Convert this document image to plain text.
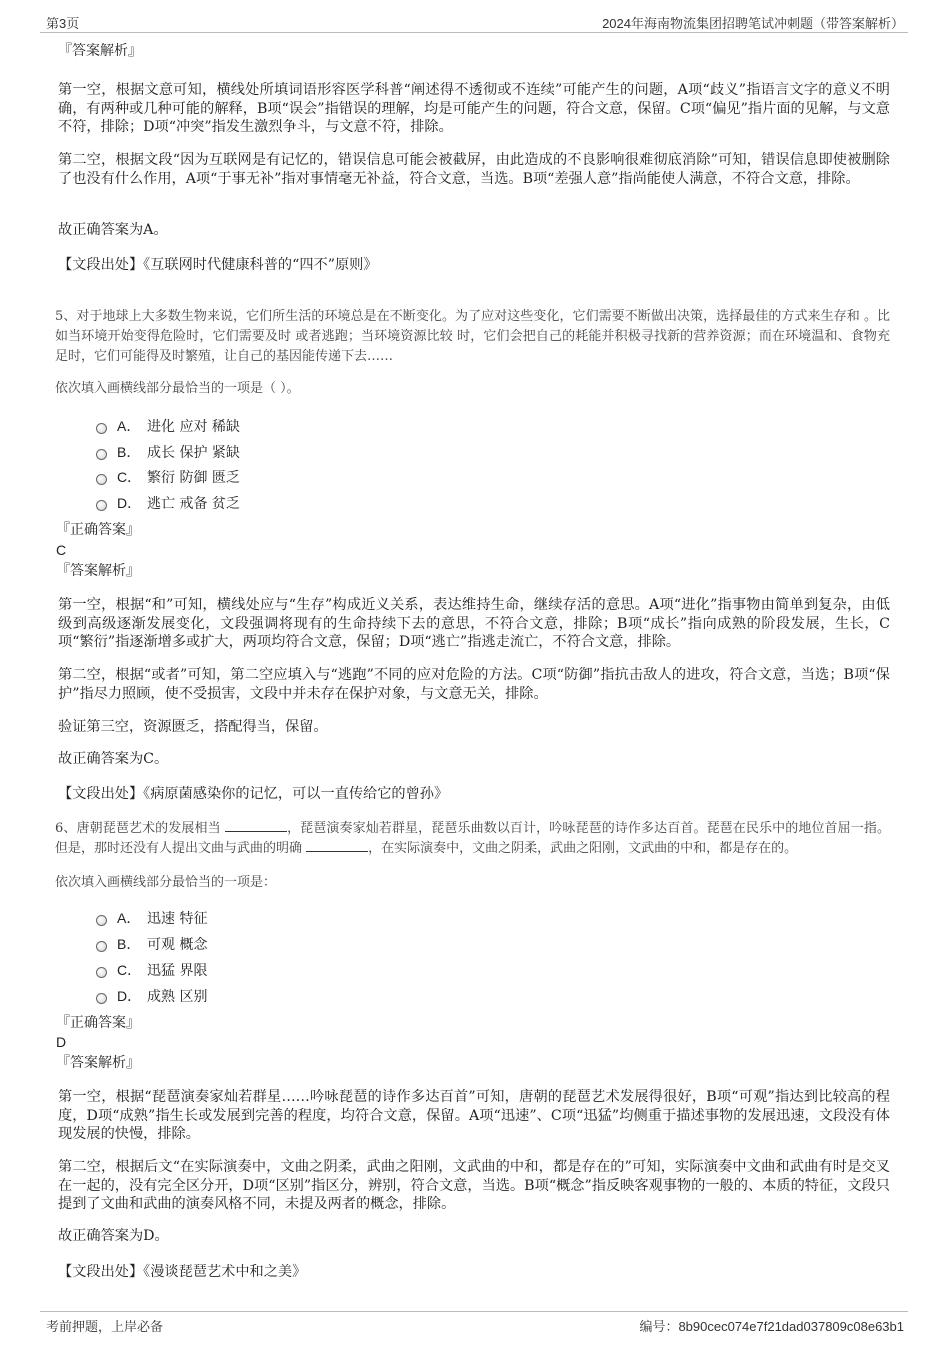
第3页	2024年海南物流集团招聘笔试冲刺题（带答案解析）
『答案解析』
第一空，根据文意可知，横线处所填词语形容医学科普“阐述得不透彻或不连续”可能产生的问题，A项“歧义”指语言文字的意义不明确，有两种或几种可能的解释，B项“误会”指错误的理解，均是可能产生的问题，符合文意，保留。C项“偏见”指片面的见解，与文意不符，排除；D项“冲突”指发生激烈争斗，与文意不符，排除。
第二空，根据文段“因为互联网是有记忆的，错误信息可能会被截屏，由此造成的不良影响很难彻底消除”可知，错误信息即使被删除了也没有什么作用，A项“于事无补”指对事情毫无补益，符合文意，当选。B项“差强人意”指尚能使人满意，不符合文意，排除。
故正确答案为A。
【文段出处】《互联网时代健康科普的“四不”原则》
5、对于地球上大多数生物来说，它们所生活的环境总是在不断变化。为了应对这些变化，它们需要不断做出决策，选择最佳的方式来生存和 。比如当环境开始变得危险时，它们需要及时 或者逃跑；当环境资源比较 时，它们会把自己的耗能并积极寻找新的营养资源；而在环境温和、食物充足时，它们可能得及时繁殖，让自己的基因能传递下去……
依次填入画横线部分最恰当的一项是（ ）。
A． 进化 应对 稀缺
B． 成长 保护 紧缺
C． 繁衍 防御 匮乏
D． 逃亡 戒备 贫乏
『正确答案』
C
『答案解析』
第一空，根据“和”可知，横线处应与“生存”构成近义关系，表达维持生命，继续存活的意思。A项“进化”指事物由简单到复杂，由低级到高级逐渐发展变化，文段强调将现有的生命持续下去的意思，不符合文意，排除；B项“成长”指向成熟的阶段发展，生长，C项“繁衍”指逐渐增多或扩大，两项均符合文意，保留；D项“逃亡”指逃走流亡，不符合文意，排除。
第二空，根据“或者”可知，第二空应填入与“逃跑”不同的应对危险的方法。C项“防御”指抗击敌人的进攻，符合文意，当选；B项“保护”指尽力照顾，使不受损害，文段中并未存在保护对象，与文意无关，排除。
验证第三空，资源匮乏，搭配得当，保留。
故正确答案为C。
【文段出处】《病原菌感染你的记忆，可以一直传给它的曾孙》
6、唐朝琵琶艺术的发展相当	，琵琶演奏家灿若群星，琵琶乐曲数以百计，吟咏琵琶的诗作多达百首。琵琶在民乐中的地位首屈一指。但是，那时还没有人提出文曲与武曲的明确	，在实际演奏中，文曲之阴柔，武曲之阳刚，文武曲的中和，都是存在的。
依次填入画横线部分最恰当的一项是：
A． 迅速 特征
B． 可观 概念
C． 迅猛 界限
D． 成熟 区别
『正确答案』
D
『答案解析』
第一空，根据“琵琶演奏家灿若群星……吟咏琵琶的诗作多达百首”可知，唐朝的琵琶艺术发展得很好，B项“可观”指达到比较高的程度，D项“成熟”指生长或发展到完善的程度，均符合文意，保留。A项“迅速”、C项“迅猛”均侧重于描述事物的发展迅速，文段没有体现发展的快慢，排除。
第二空，根据后文“在实际演奏中，文曲之阴柔，武曲之阳刚，文武曲的中和，都是存在的”可知，实际演奏中文曲和武曲有时是交叉在一起的，没有完全区分开，D项“区别”指区分，辨别，符合文意，当选。B项“概念”指反映客观事物的一般的、本质的特征，文段只提到了文曲和武曲的演奏风格不同，未提及两者的概念，排除。
故正确答案为D。
【文段出处】《漫谈琵琶艺术中和之美》
考前押题，上岸必备	编号：8b90cec074e7f21dad037809c08e63b1
